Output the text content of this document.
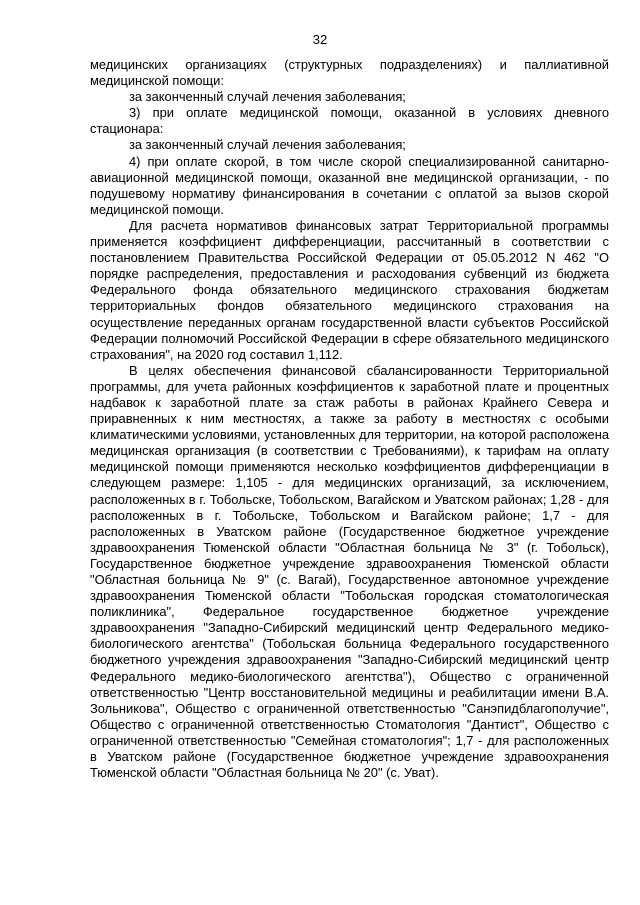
32

медицинских организациях (структурных подразделениях) и паллиативной медицинской помощи:

за законченный случай лечения заболевания;

3) при оплате медицинской помощи, оказанной в условиях дневного стационара:

за законченный случай лечения заболевания;

4) при оплате скорой, в том числе скорой специализированной санитарно-авиационной медицинской помощи, оказанной вне медицинской организации, - по подушевому нормативу финансирования в сочетании с оплатой за вызов скорой медицинской помощи.

Для расчета нормативов финансовых затрат Территориальной программы применяется коэффициент дифференциации, рассчитанный в соответствии с постановлением Правительства Российской Федерации от 05.05.2012 N 462 "О порядке распределения, предоставления и расходования субвенций из бюджета Федерального фонда обязательного медицинского страхования бюджетам территориальных фондов обязательного медицинского страхования на осуществление переданных органам государственной власти субъектов Российской Федерации полномочий Российской Федерации в сфере обязательного медицинского страхования", на 2020 год составил 1,112.

В целях обеспечения финансовой сбалансированности Территориальной программы, для учета районных коэффициентов к заработной плате и процентных надбавок к заработной плате за стаж работы в районах Крайнего Севера и приравненных к ним местностях, а также за работу в местностях с особыми климатическими условиями, установленных для территории, на которой расположена медицинская организация (в соответствии с Требованиями), к тарифам на оплату медицинской помощи применяются несколько коэффициентов дифференциации в следующем размере: 1,105 - для медицинских организаций, за исключением, расположенных в г. Тобольске, Тобольском, Вагайском и Уватском районах; 1,28 - для расположенных в г. Тобольске, Тобольском и Вагайском районе; 1,7 - для расположенных в Уватском районе (Государственное бюджетное учреждение здравоохранения Тюменской области "Областная больница № 3" (г. Тобольск), Государственное бюджетное учреждение здравоохранения Тюменской области "Областная больница № 9" (с. Вагай), Государственное автономное учреждение здравоохранения Тюменской области "Тобольская городская стоматологическая поликлиника", Федеральное государственное бюджетное учреждение здравоохранения "Западно-Сибирский медицинский центр Федерального медико-биологического агентства" (Тобольская больница Федерального государственного бюджетного учреждения здравоохранения "Западно-Сибирский медицинский центр Федерального медико-биологического агентства"), Общество с ограниченной ответственностью "Центр восстановительной медицины и реабилитации имени В.А. Зольникова", Общество с ограниченной ответственностью "Санэпидблагополучие", Общество с ограниченной ответственностью Стоматология "Дантист", Общество с ограниченной ответственностью "Семейная стоматология"; 1,7 - для расположенных в Уватском районе (Государственное бюджетное учреждение здравоохранения Тюменской области "Областная больница № 20" (с. Уват).
